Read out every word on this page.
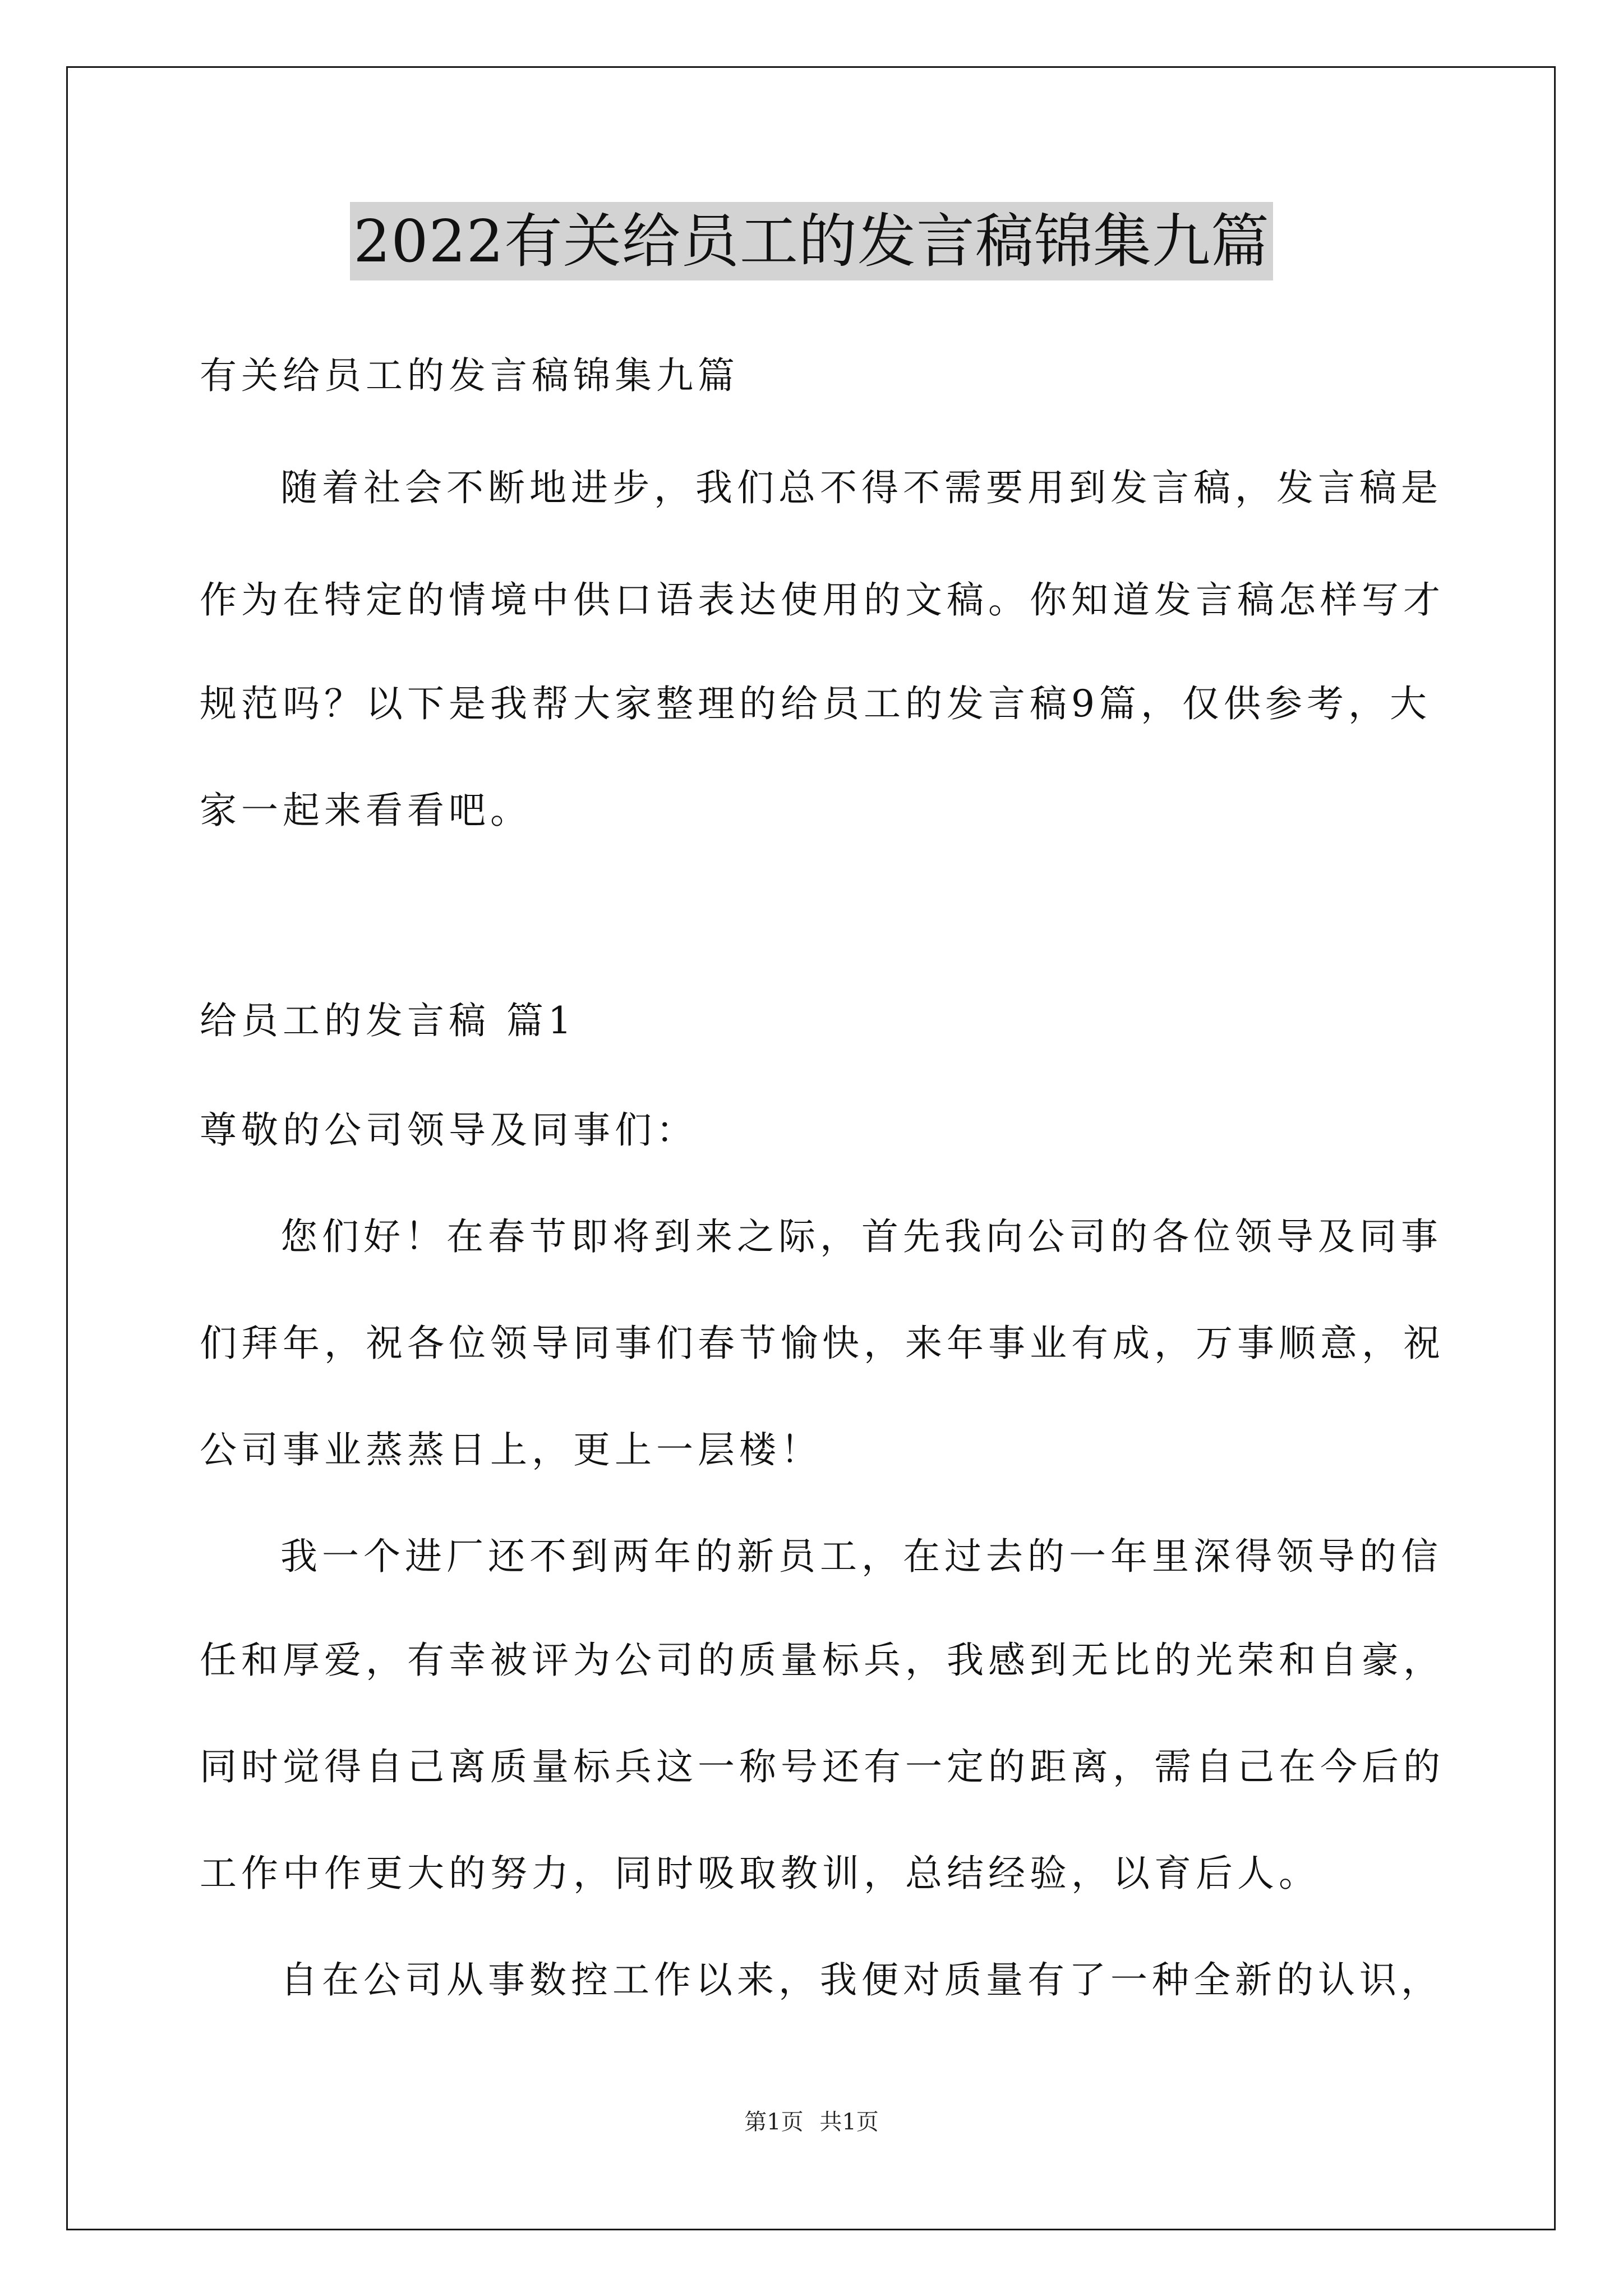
2022有关给员工的发言稿锦集九篇
有关给员工的发言稿锦集九篇
随着社会不断地进步，我们总不得不需要用到发言稿，发言稿是
作为在特定的情境中供口语表达使用的文稿。你知道发言稿怎样写才
规范吗？以下是我帮大家整理的给员工的发言稿9篇，仅供参考，大
家一起来看看吧。
给员工的发言稿 篇1
尊敬的公司领导及同事们：
您们好！在春节即将到来之际，首先我向公司的各位领导及同事
们拜年，祝各位领导同事们春节愉快，来年事业有成，万事顺意，祝
公司事业蒸蒸日上，更上一层楼！
我一个进厂还不到两年的新员工，在过去的一年里深得领导的信
任和厚爱，有幸被评为公司的质量标兵，我感到无比的光荣和自豪，
同时觉得自己离质量标兵这一称号还有一定的距离，需自己在今后的
工作中作更大的努力，同时吸取教训，总结经验，以育后人。
自在公司从事数控工作以来，我便对质量有了一种全新的认识，
第1页 共1页
